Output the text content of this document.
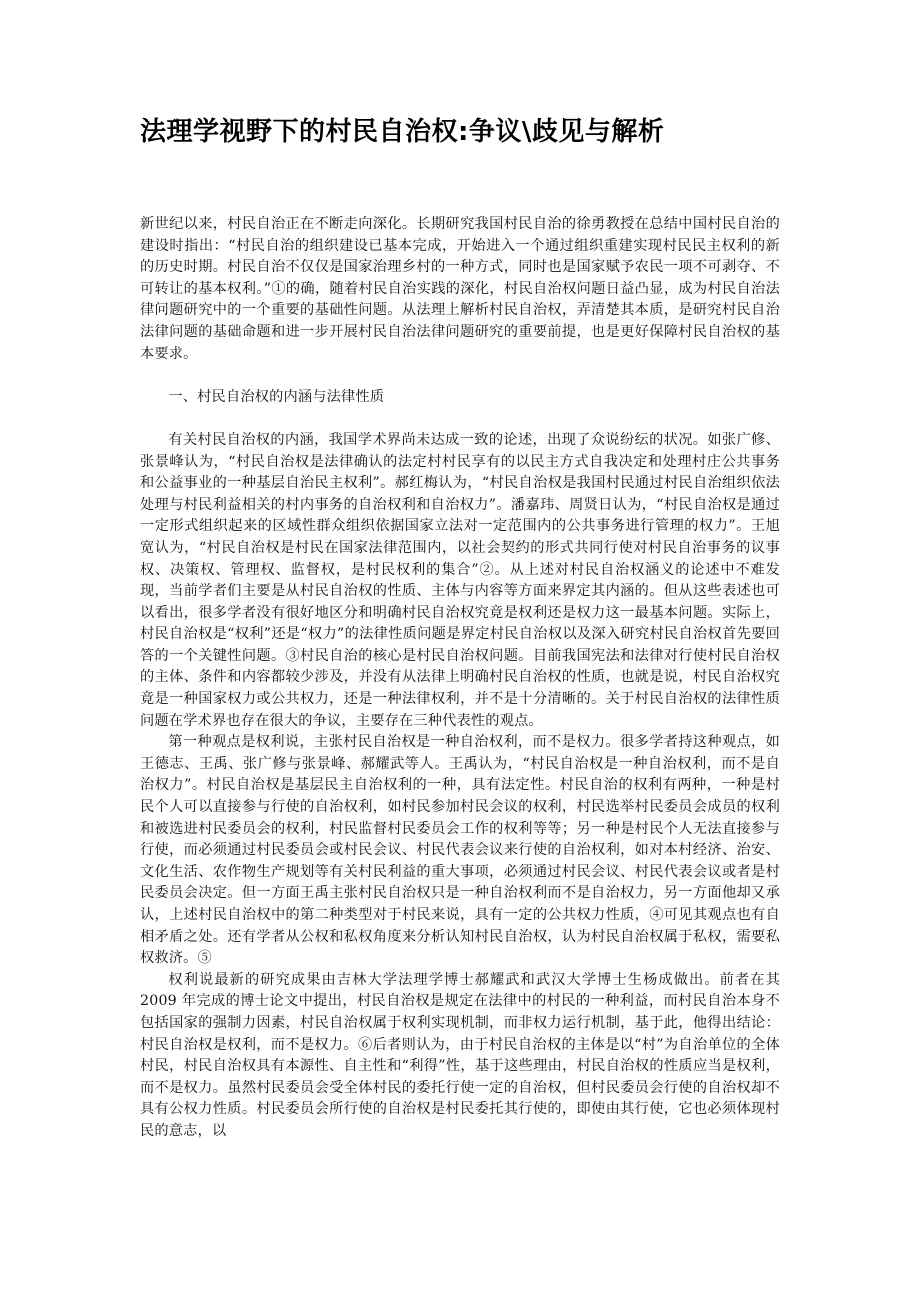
法理学视野下的村民自治权:争议\歧见与解析

新世纪以来，村民自治正在不断走向深化。长期研究我国村民自治的徐勇教授在总结中国村民自治的建设时指出：“村民自治的组织建设已基本完成，开始进入一个通过组织重建实现村民民主权利的新的历史时期。村民自治不仅仅是国家治理乡村的一种方式，同时也是国家赋予农民一项不可剥夺、不可转让的基本权利。”①的确，随着村民自治实践的深化，村民自治权问题日益凸显，成为村民自治法律问题研究中的一个重要的基础性问题。从法理上解析村民自治权，弄清楚其本质，是研究村民自治法律问题的基础命题和进一步开展村民自治法律问题研究的重要前提，也是更好保障村民自治权的基本要求。

一、村民自治权的内涵与法律性质

有关村民自治权的内涵，我国学术界尚未达成一致的论述，出现了众说纷纭的状况。如张广修、张景峰认为，“村民自治权是法律确认的法定村村民享有的以民主方式自我决定和处理村庄公共事务和公益事业的一种基层自治民主权利”。郝红梅认为，“村民自治权是我国村民通过村民自治组织依法处理与村民利益相关的村内事务的自治权利和自治权力”。潘嘉玮、周贤日认为，“村民自治权是通过一定形式组织起来的区域性群众组织依据国家立法对一定范围内的公共事务进行管理的权力”。王旭宽认为，“村民自治权是村民在国家法律范围内，以社会契约的形式共同行使对村民自治事务的议事权、决策权、管理权、监督权，是村民权利的集合”②。从上述对村民自治权涵义的论述中不难发现，当前学者们主要是从村民自治权的性质、主体与内容等方面来界定其内涵的。但从这些表述也可以看出，很多学者没有很好地区分和明确村民自治权究竟是权利还是权力这一最基本问题。实际上，村民自治权是“权利”还是“权力”的法律性质问题是界定村民自治权以及深入研究村民自治权首先要回答的一个关键性问题。③村民自治的核心是村民自治权问题。目前我国宪法和法律对行使村民自治权的主体、条件和内容都较少涉及，并没有从法律上明确村民自治权的性质，也就是说，村民自治权究竟是一种国家权力或公共权力，还是一种法律权利，并不是十分清晰的。关于村民自治权的法律性质问题在学术界也存在很大的争议，主要存在三种代表性的观点。

第一种观点是权利说，主张村民自治权是一种自治权利，而不是权力。很多学者持这种观点，如王德志、王禹、张广修与张景峰、郝耀武等人。王禹认为，“村民自治权是一种自治权利，而不是自治权力”。村民自治权是基层民主自治权利的一种，具有法定性。村民自治的权利有两种，一种是村民个人可以直接参与行使的自治权利，如村民参加村民会议的权利，村民选举村民委员会成员的权利和被选进村民委员会的权利，村民监督村民委员会工作的权利等等；另一种是村民个人无法直接参与行使，而必须通过村民委员会或村民会议、村民代表会议来行使的自治权利，如对本村经济、治安、文化生活、农作物生产规划等有关村民利益的重大事项，必须通过村民会议、村民代表会议或者是村民委员会决定。但一方面王禹主张村民自治权只是一种自治权利而不是自治权力，另一方面他却又承认，上述村民自治权中的第二种类型对于村民来说，具有一定的公共权力性质，④可见其观点也有自相矛盾之处。还有学者从公权和私权角度来分析认知村民自治权，认为村民自治权属于私权，需要私权救济。⑤

权利说最新的研究成果由吉林大学法理学博士郝耀武和武汉大学博士生杨成做出。前者在其 2009 年完成的博士论文中提出，村民自治权是规定在法律中的村民的一种利益，而村民自治本身不包括国家的强制力因素，村民自治权属于权利实现机制，而非权力运行机制，基于此，他得出结论：村民自治权是权利，而不是权力。⑥后者则认为，由于村民自治权的主体是以“村”为自治单位的全体村民，村民自治权具有本源性、自主性和“利得”性，基于这些理由，村民自治权的性质应当是权利，而不是权力。虽然村民委员会受全体村民的委托行使一定的自治权，但村民委员会行使的自治权却不具有公权力性质。村民委员会所行使的自治权是村民委托其行使的，即使由其行使，它也必须体现村民的意志，以
